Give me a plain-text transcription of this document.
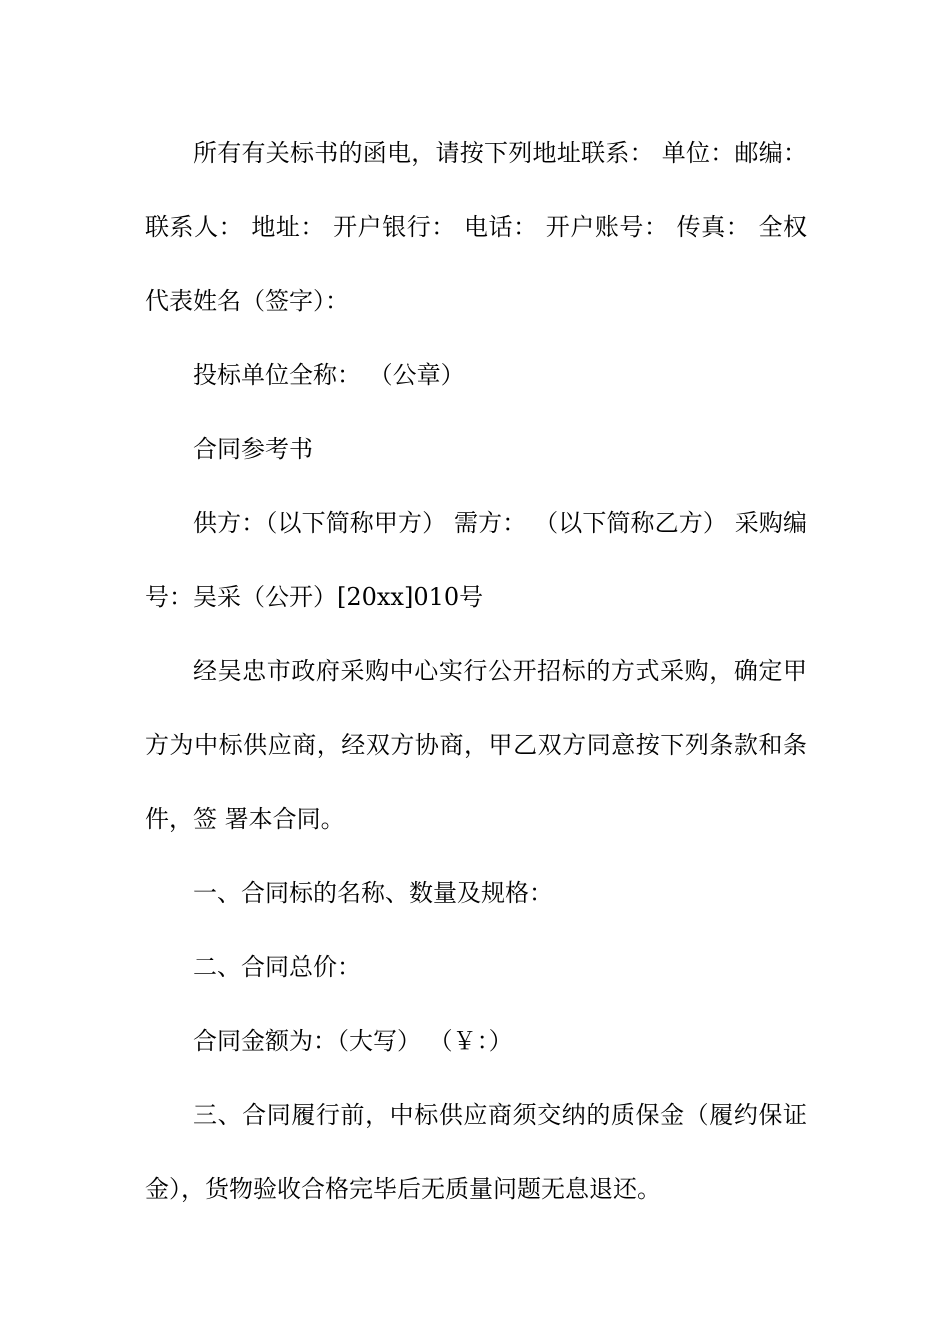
所有有关标书的函电，请按下列地址联系： 单位：邮编： 联系人： 地址： 开户银行： 电话： 开户账号： 传真： 全权代表姓名（签字）：

投标单位全称： （公章）

合同参考书

供方：（以下简称甲方） 需方： （以下简称乙方） 采购编号：吴采（公开）[20xx]010号

经吴忠市政府采购中心实行公开招标的方式采购，确定甲方为中标供应商，经双方协商，甲乙双方同意按下列条款和条件，签 署本合同。

一、合同标的名称、数量及规格：

二、合同总价：

合同金额为：（大写） （￥：）

三、合同履行前，中标供应商须交纳的质保金（履约保证金），货物验收合格完毕后无质量问题无息退还。
